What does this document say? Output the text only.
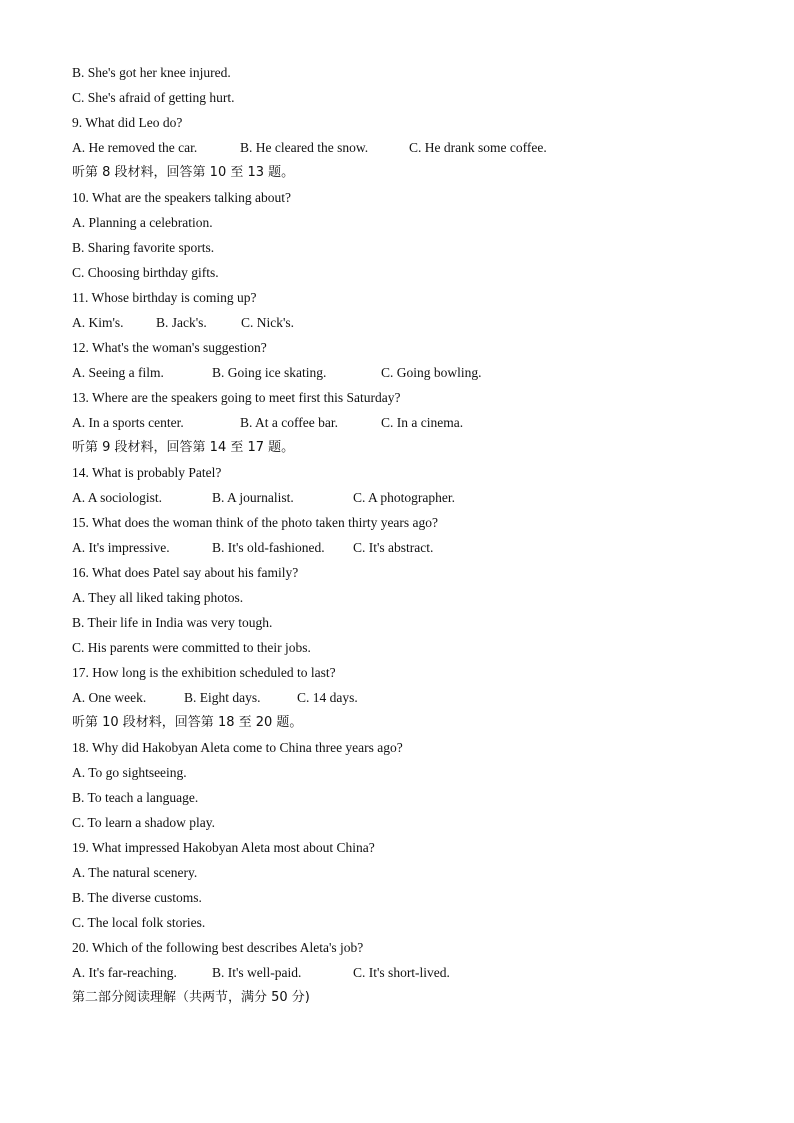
B. She's got her knee injured.
C. She's afraid of getting hurt.
9. What did Leo do?
A. He removed the car.	B. He cleared the snow.	C. He drank some coffee.
听第 8 段材料，回答第 10 至 13 题。
10. What are the speakers talking about?
A. Planning a celebration.
B. Sharing favorite sports.
C. Choosing birthday gifts.
11. Whose birthday is coming up?
A. Kim's. B. Jack's.	C. Nick's.
12. What's the woman's suggestion?
A. Seeing a film.	B. Going ice skating.	C. Going bowling.
13. Where are the speakers going to meet first this Saturday?
A. In a sports center.	B. At a coffee bar.	C. In a cinema.
听第 9 段材料，回答第 14 至 17 题。
14. What is probably Patel?
A. A sociologist.	B. A journalist.	C. A photographer.
15. What does the woman think of the photo taken thirty years ago?
A. It's impressive.	B. It's old-fashioned. C. It's abstract.
16. What does Patel say about his family?
A. They all liked taking photos.
B. Their life in India was very tough.
C. His parents were committed to their jobs.
17. How long is the exhibition scheduled to last?
A. One week.	B. Eight days.	C. 14 days.
听第 10 段材料，回答第 18 至 20 题。
18. Why did Hakobyan Aleta come to China three years ago?
A. To go sightseeing.
B. To teach a language.
C. To learn a shadow play.
19. What impressed Hakobyan Aleta most about China?
A. The natural scenery.
B. The diverse customs.
C. The local folk stories.
20. Which of the following best describes Aleta's job?
A. It's far-reaching.	B. It's well-paid.	C. It's short-lived.
第二部分阅读理解（共两节，满分 50 分)
